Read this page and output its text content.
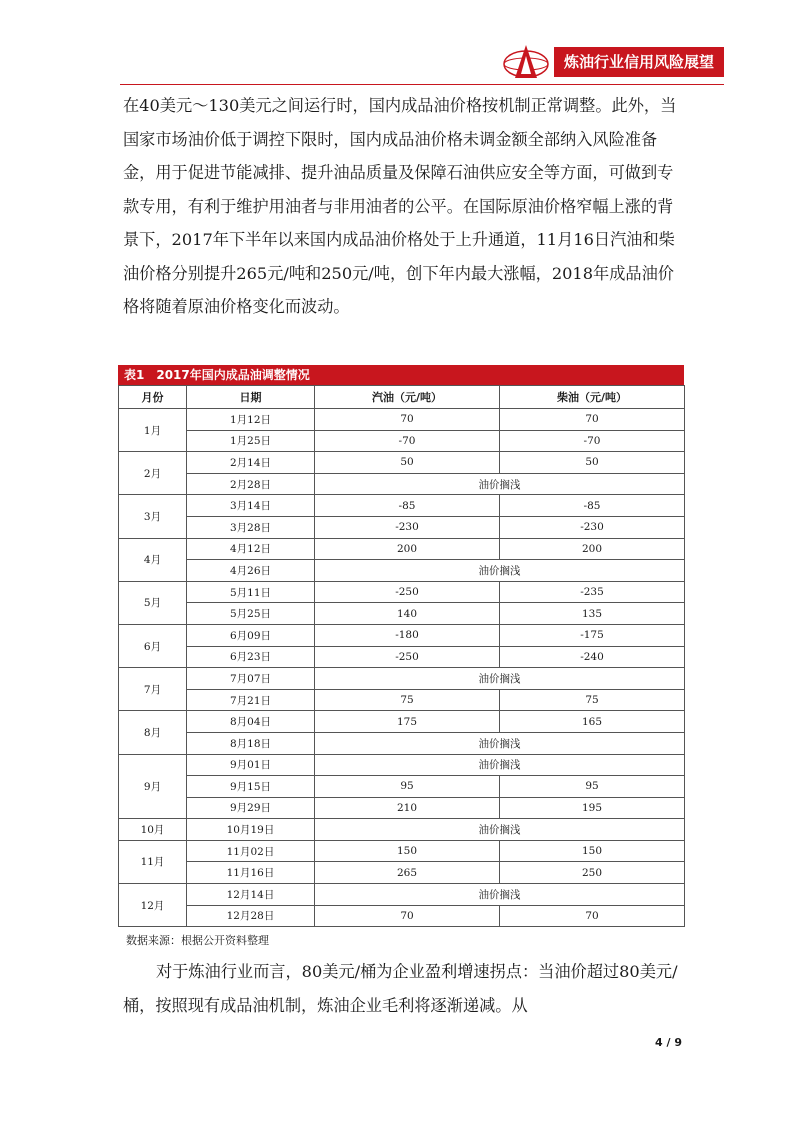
炼油行业信用风险展望

在40美元～130美元之间运行时，国内成品油价格按机制正常调整。此外，当国家市场油价低于调控下限时，国内成品油价格未调金额全部纳入风险准备金，用于促进节能减排、提升油品质量及保障石油供应安全等方面，可做到专款专用，有利于维护用油者与非用油者的公平。在国际原油价格窄幅上涨的背景下，2017年下半年以来国内成品油价格处于上升通道，11月16日汽油和柴油价格分别提升265元/吨和250元/吨，创下年内最大涨幅，2018年成品油价格将随着原油价格变化而波动。

表1　2017年国内成品油调整情况
月份	日期	汽油（元/吨）	柴油（元/吨）
1月	1月12日	70	70
	1月25日	-70	-70
2月	2月14日	50	50
	2月28日	油价搁浅	
3月	3月14日	-85	-85
	3月28日	-230	-230
4月	4月12日	200	200
	4月26日	油价搁浅	
5月	5月11日	-250	-235
	5月25日	140	135
6月	6月09日	-180	-175
	6月23日	-250	-240
7月	7月07日	油价搁浅	
	7月21日	75	75
8月	8月04日	175	165
	8月18日	油价搁浅	
9月	9月01日	油价搁浅	
	9月15日	95	95
	9月29日	210	195
10月	10月19日	油价搁浅	
11月	11月02日	150	150
	11月16日	265	250
12月	12月14日	油价搁浅	
	12月28日	70	70
数据来源：根据公开资料整理

对于炼油行业而言，80美元/桶为企业盈利增速拐点：当油价超过80美元/桶，按照现有成品油机制，炼油企业毛利将逐渐递减。从

4 / 9
